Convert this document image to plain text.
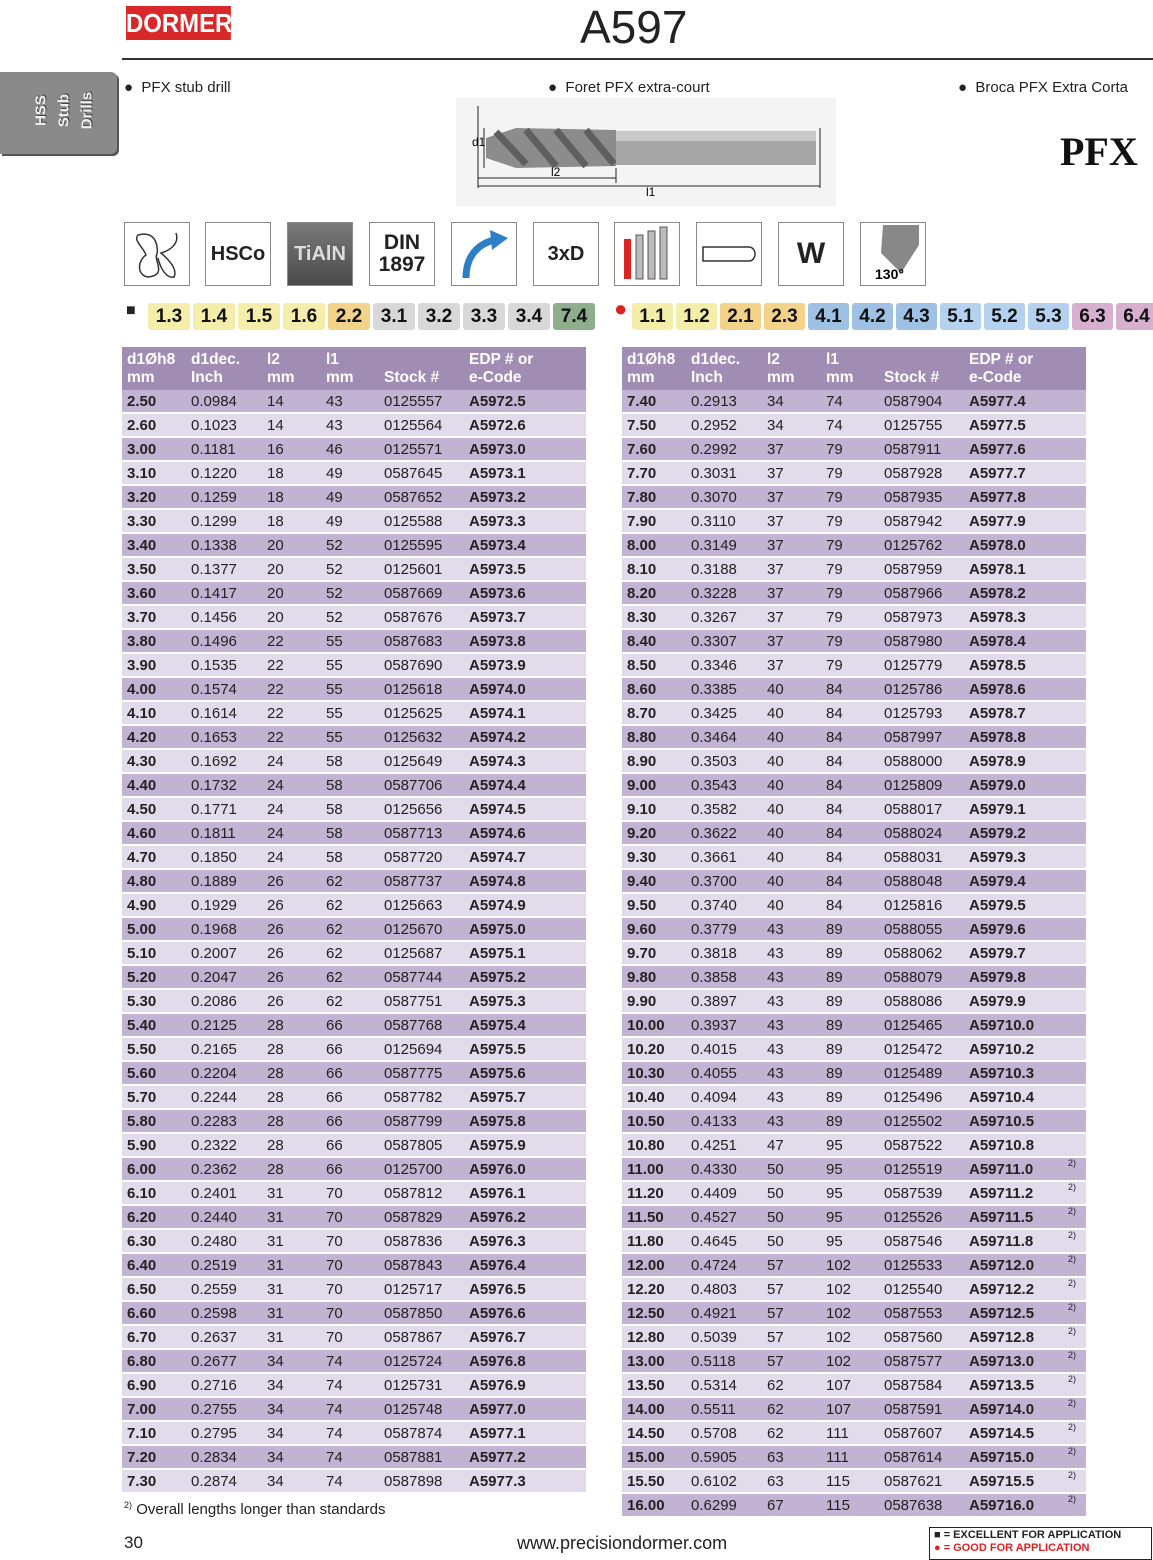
DORMER	A597
HSS Stub Drills
●  PFX stub drill	●  Foret PFX extra-court	●  Broca PFX Extra Corta
d1
l2
l1
PFX
HSCo	TiAlN	DIN
1897	3xD	W
130°
■	1.3 1.4 1.5 1.6 2.2 3.1 3.2 3.3 3.4 7.4	● 1.1 1.2 2.1 2.3 4.1 4.2 4.3 5.1 5.2 5.3 6.3 6.4
d1Øh8
mm	d1dec.
Inch	l2
mm	l1
mm	Stock #	EDP # or
e-Code	
2.50	0.0984	14	43	0125557	A5972.5	
2.60	0.1023	14	43	0125564	A5972.6	
3.00	0.1181	16	46	0125571	A5973.0	
3.10	0.1220	18	49	0587645	A5973.1	
3.20	0.1259	18	49	0587652	A5973.2	
3.30	0.1299	18	49	0125588	A5973.3	
3.40	0.1338	20	52	0125595	A5973.4	
3.50	0.1377	20	52	0125601	A5973.5	
3.60	0.1417	20	52	0587669	A5973.6	
3.70	0.1456	20	52	0587676	A5973.7	
3.80	0.1496	22	55	0587683	A5973.8	
3.90	0.1535	22	55	0587690	A5973.9	
4.00	0.1574	22	55	0125618	A5974.0	
4.10	0.1614	22	55	0125625	A5974.1	
4.20	0.1653	22	55	0125632	A5974.2	
4.30	0.1692	24	58	0125649	A5974.3	
4.40	0.1732	24	58	0587706	A5974.4	
4.50	0.1771	24	58	0125656	A5974.5	
4.60	0.1811	24	58	0587713	A5974.6	
4.70	0.1850	24	58	0587720	A5974.7	
4.80	0.1889	26	62	0587737	A5974.8	
4.90	0.1929	26	62	0125663	A5974.9	
5.00	0.1968	26	62	0125670	A5975.0	
5.10	0.2007	26	62	0125687	A5975.1	
5.20	0.2047	26	62	0587744	A5975.2	
5.30	0.2086	26	62	0587751	A5975.3	
5.40	0.2125	28	66	0587768	A5975.4	
5.50	0.2165	28	66	0125694	A5975.5	
5.60	0.2204	28	66	0587775	A5975.6	
5.70	0.2244	28	66	0587782	A5975.7	
5.80	0.2283	28	66	0587799	A5975.8	
5.90	0.2322	28	66	0587805	A5975.9	
6.00	0.2362	28	66	0125700	A5976.0	
6.10	0.2401	31	70	0587812	A5976.1	
6.20	0.2440	31	70	0587829	A5976.2	
6.30	0.2480	31	70	0587836	A5976.3	
6.40	0.2519	31	70	0587843	A5976.4	
6.50	0.2559	31	70	0125717	A5976.5	
6.60	0.2598	31	70	0587850	A5976.6	
6.70	0.2637	31	70	0587867	A5976.7	
6.80	0.2677	34	74	0125724	A5976.8	
6.90	0.2716	34	74	0125731	A5976.9	
7.00	0.2755	34	74	0125748	A5977.0	
7.10	0.2795	34	74	0587874	A5977.1	
7.20	0.2834	34	74	0587881	A5977.2	
7.30	0.2874	34	74	0587898	A5977.3	
d1Øh8
mm	d1dec.
Inch	l2
mm	l1
mm	Stock #	EDP # or
e-Code	
7.40	0.2913	34	74	0587904	A5977.4	
7.50	0.2952	34	74	0125755	A5977.5	
7.60	0.2992	37	79	0587911	A5977.6	
7.70	0.3031	37	79	0587928	A5977.7	
7.80	0.3070	37	79	0587935	A5977.8	
7.90	0.3110	37	79	0587942	A5977.9	
8.00	0.3149	37	79	0125762	A5978.0	
8.10	0.3188	37	79	0587959	A5978.1	
8.20	0.3228	37	79	0587966	A5978.2	
8.30	0.3267	37	79	0587973	A5978.3	
8.40	0.3307	37	79	0587980	A5978.4	
8.50	0.3346	37	79	0125779	A5978.5	
8.60	0.3385	40	84	0125786	A5978.6	
8.70	0.3425	40	84	0125793	A5978.7	
8.80	0.3464	40	84	0587997	A5978.8	
8.90	0.3503	40	84	0588000	A5978.9	
9.00	0.3543	40	84	0125809	A5979.0	
9.10	0.3582	40	84	0588017	A5979.1	
9.20	0.3622	40	84	0588024	A5979.2	
9.30	0.3661	40	84	0588031	A5979.3	
9.40	0.3700	40	84	0588048	A5979.4	
9.50	0.3740	40	84	0125816	A5979.5	
9.60	0.3779	43	89	0588055	A5979.6	
9.70	0.3818	43	89	0588062	A5979.7	
9.80	0.3858	43	89	0588079	A5979.8	
9.90	0.3897	43	89	0588086	A5979.9	
10.00	0.3937	43	89	0125465	A59710.0	
10.20	0.4015	43	89	0125472	A59710.2	
10.30	0.4055	43	89	0125489	A59710.3	
10.40	0.4094	43	89	0125496	A59710.4	
10.50	0.4133	43	89	0125502	A59710.5	
10.80	0.4251	47	95	0587522	A59710.8	
11.00	0.4330	50	95	0125519	A59711.0	2)
11.20	0.4409	50	95	0587539	A59711.2	2)
11.50	0.4527	50	95	0125526	A59711.5	2)
11.80	0.4645	50	95	0587546	A59711.8	2)
12.00	0.4724	57	102	0125533	A59712.0	2)
12.20	0.4803	57	102	0125540	A59712.2	2)
12.50	0.4921	57	102	0587553	A59712.5	2)
12.80	0.5039	57	102	0587560	A59712.8	2)
13.00	0.5118	57	102	0587577	A59713.0	2)
13.50	0.5314	62	107	0587584	A59713.5	2)
14.00	0.5511	62	107	0587591	A59714.0	2)
14.50	0.5708	62	111	0587607	A59714.5	2)
15.00	0.5905	63	111	0587614	A59715.0	2)
15.50	0.6102	63	115	0587621	A59715.5	2)
16.00	0.6299	67	115	0587638	A59716.0	2)
$^{2)}$ Overall lengths longer than standards
30	www.precisiondormer.com	■ = EXCELLENT FOR APPLICATION
● = GOOD FOR APPLICATION
